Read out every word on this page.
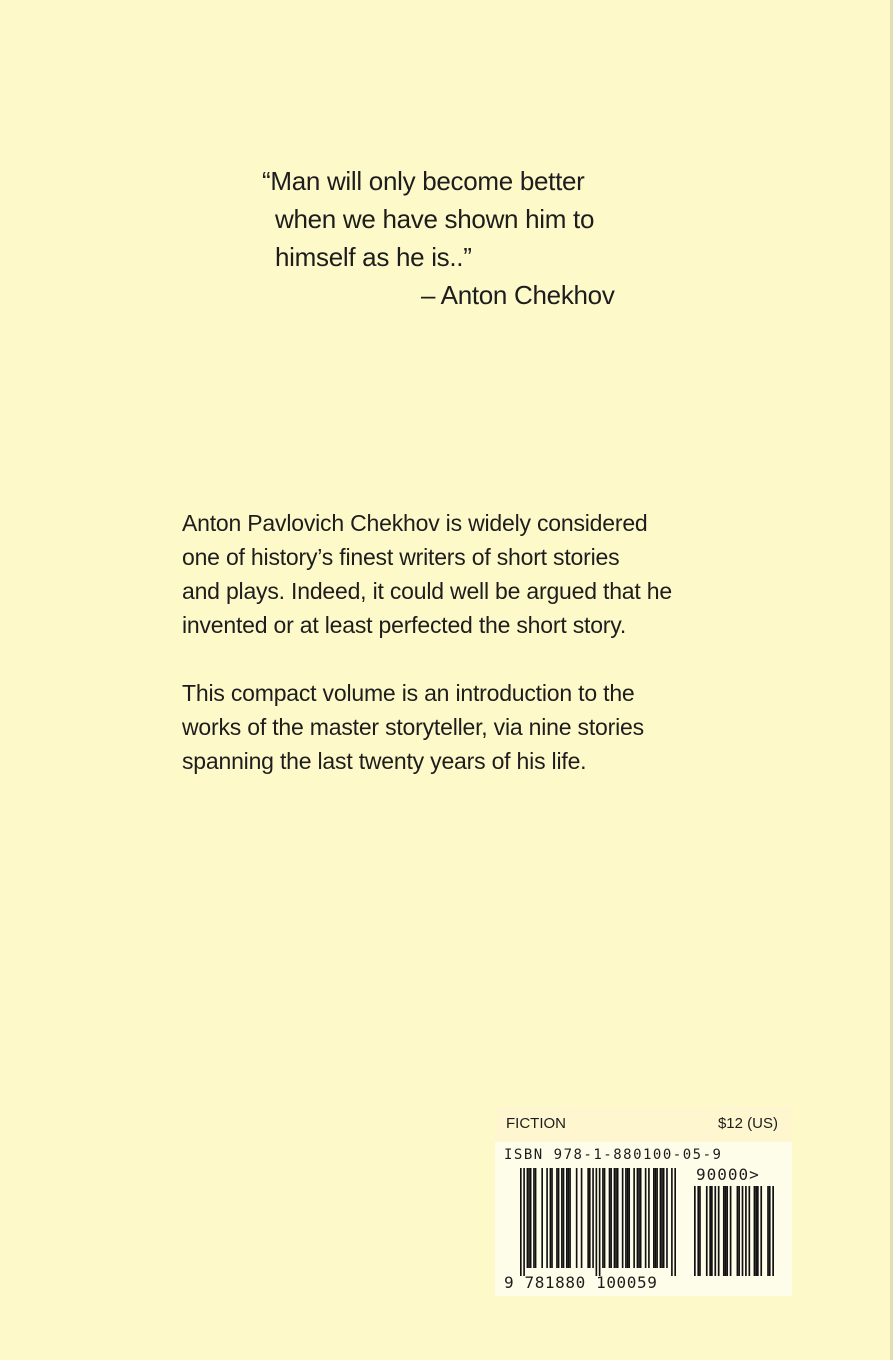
“Man will only become better
when we have shown him to
himself as he is..”
– Anton Chekhov
Anton Pavlovich Chekhov is widely considered
one of history’s finest writers of short stories
and plays. Indeed, it could well be argued that he
invented or at least perfected the short story.
This compact volume is an introduction to the
works of the master storyteller, via nine stories
spanning the last twenty years of his life.
FICTION	$12 (US)
ISBN 978-1-880100-05-9
90000>
9 781880 100059
